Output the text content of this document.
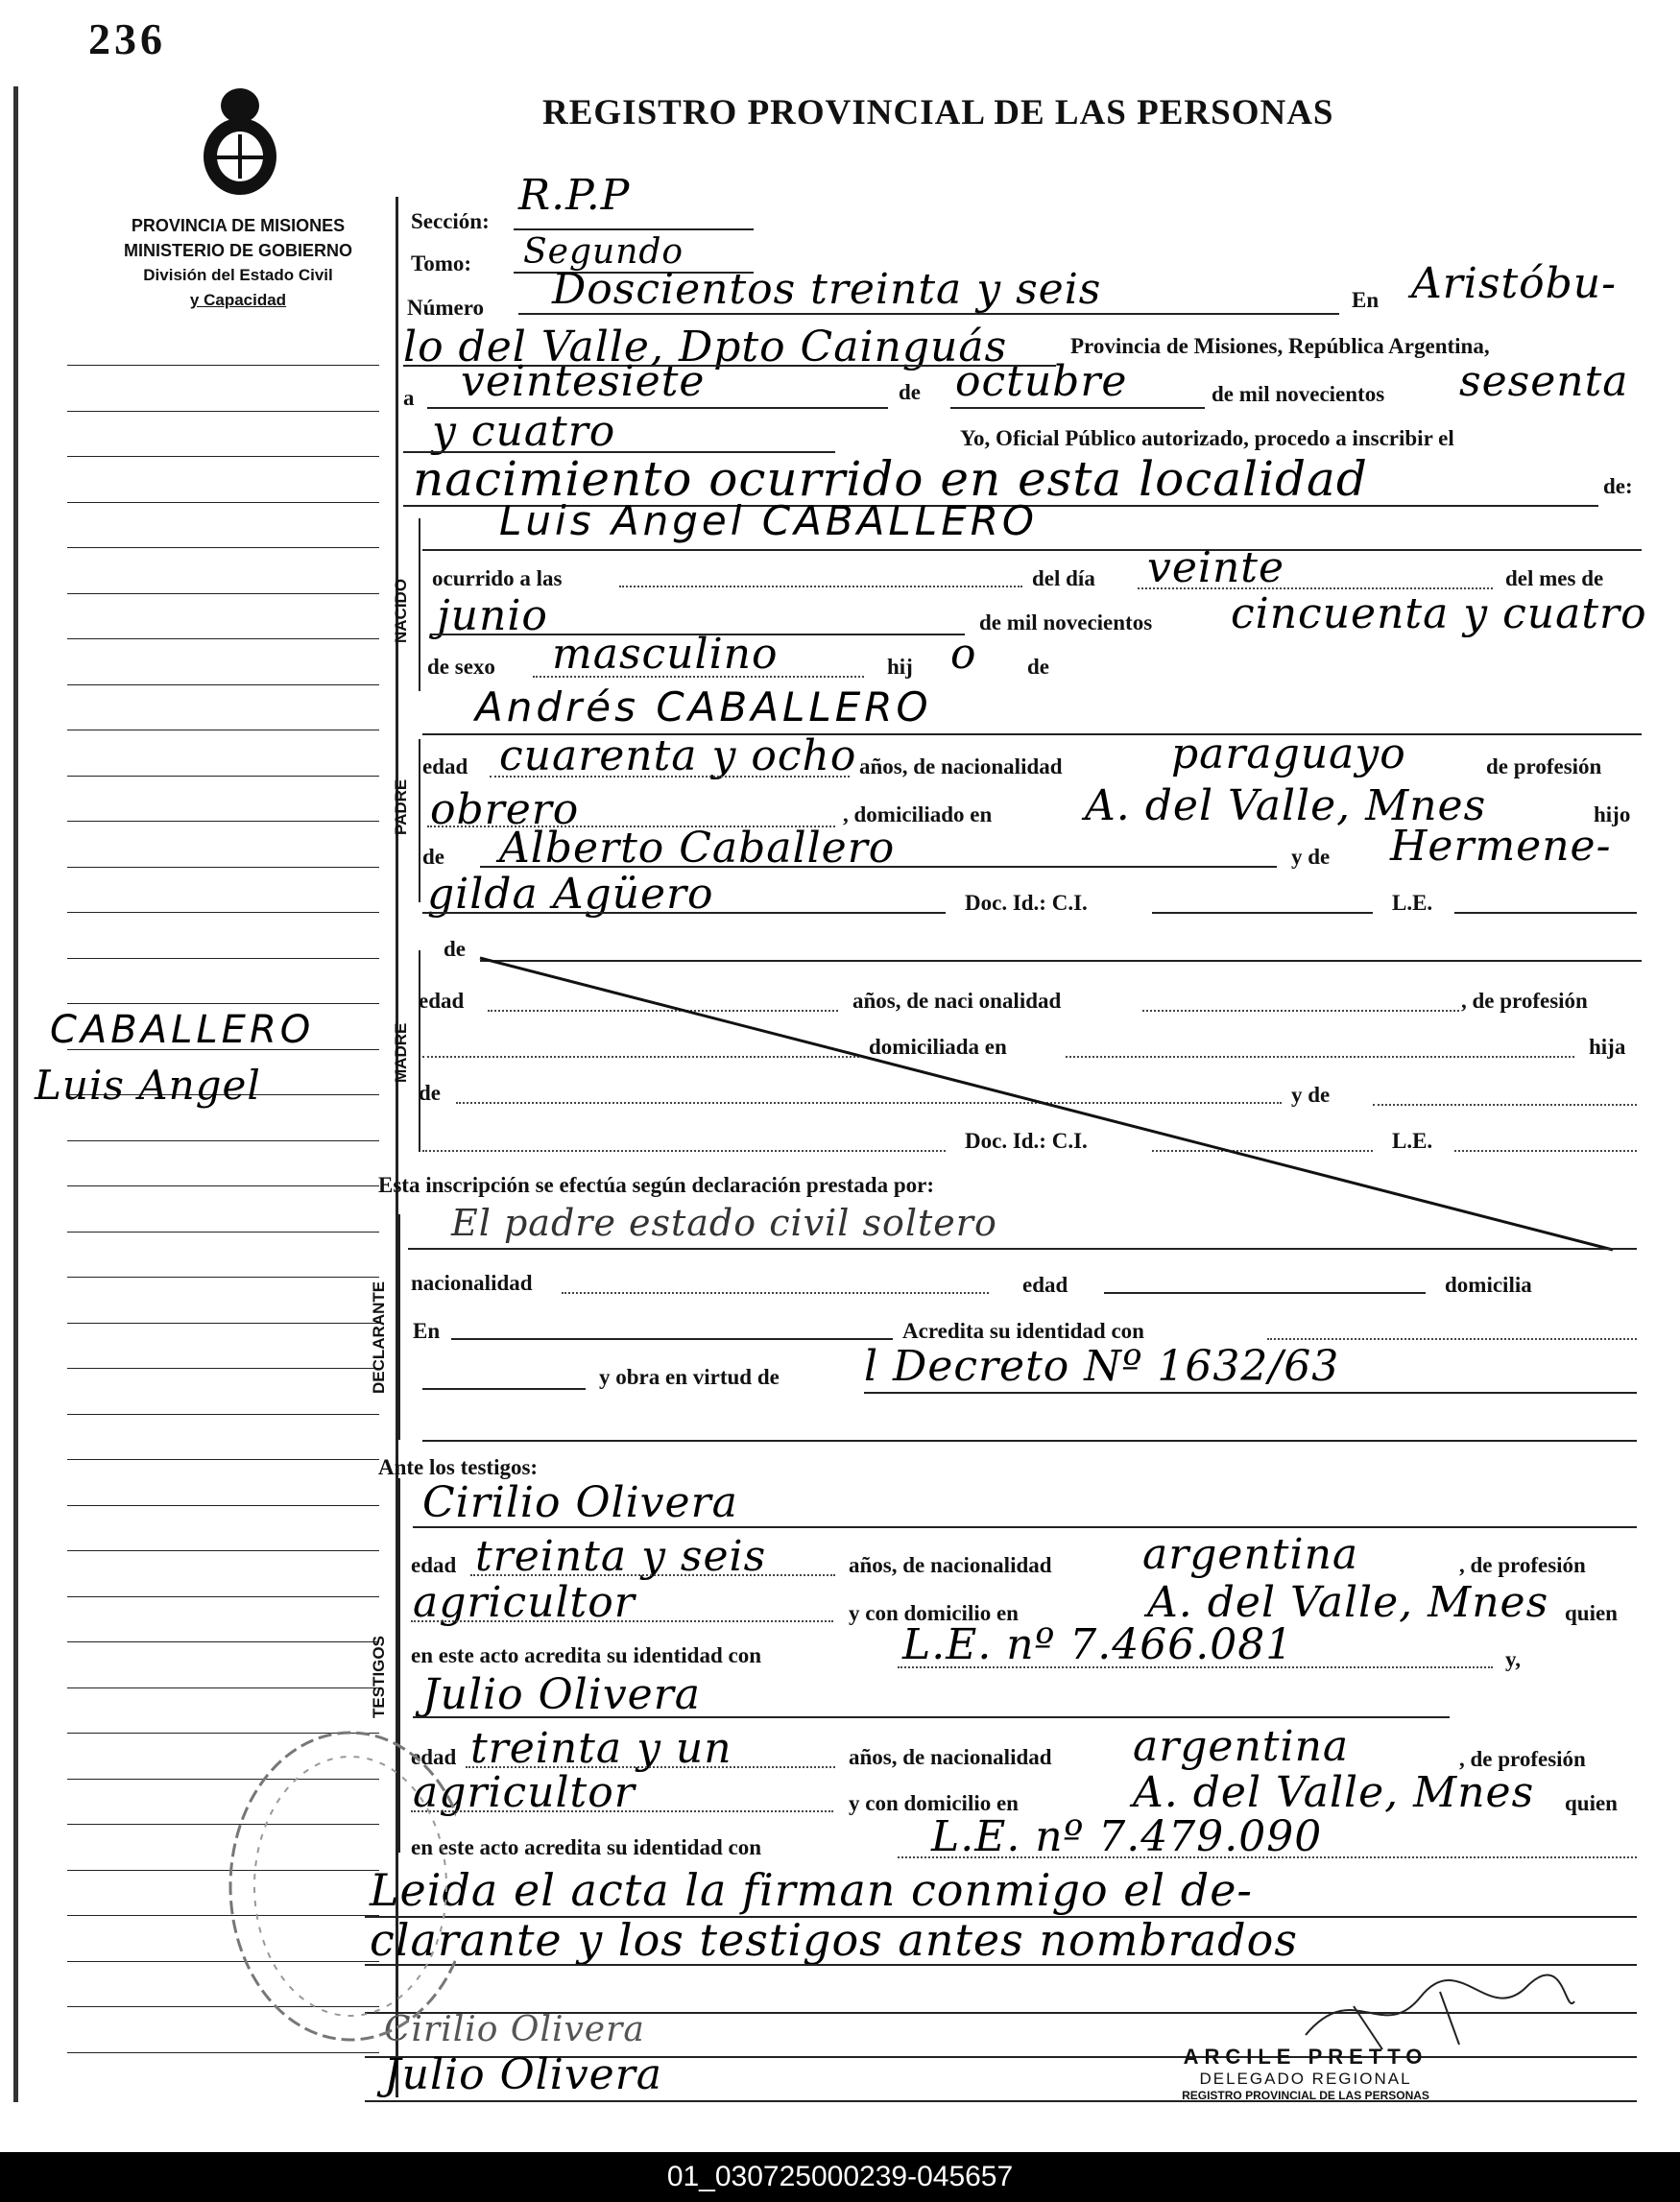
236
PROVINCIA DE MISIONES
MINISTERIO DE GOBIERNO
División del Estado Civil
y Capacidad
REGISTRO PROVINCIAL DE LAS PERSONAS
CABALLERO
Luis Angel
NACIDO
PADRE
MADRE
DECLARANTE
TESTIGOS
Sección:
R.P.P
Tomo: Segundo
Número Doscientos treinta y seis	En Aristóbu-
lo del Valle, Dpto Cainguás	Provincia de Misiones, República Argentina,
a veintesiete	de octubre	de mil novecientos sesenta
y cuatro	Yo, Oficial Público autorizado, procedo a inscribir el
nacimiento ocurrido en esta localidad	de:
Luis Angel CABALLERO
ocurrido a las	del día veinte	del mes de
junio	de mil novecientos cincuenta y cuatro
de sexo masculino	hij o de
Andrés CABALLERO
edad cuarenta y ocho años, de nacionalidad	paraguayo	de profesión
obrero	, domiciliado en A. del Valle, Mnes	hijo
de Alberto Caballero	y de Hermene-
gilda Agüero	Doc. Id.: C.I.	L.E.
de
edad	años, de naci onalidad	, de profesión
domiciliada en	hija
de	y de
Doc. Id.: C.I.	L.E.
Esta inscripción se efectúa según declaración prestada por:
El padre estado civil soltero
nacionalidad	edad	domicilia
En	Acredita su identidad con
y obra en virtud de l Decreto Nº 1632/63
Ante los testigos:
Cirilio Olivera
edad treinta y seis	años, de nacionalidad argentina	, de profesión
agricultor	y con domicilio en	A. del Valle, Mnes quien
en este acto acredita su identidad con	L.E. nº 7.466.081	y,
Julio Olivera
edad treinta y un	años, de nacionalidad argentina	, de profesión
agricultor	y con domicilio en	A. del Valle, Mnes quien
en este acto acredita su identidad con	L.E. nº 7.479.090
Leida el acta la firman conmigo el de-
clarante y los testigos antes nombrados
Cirilio Olivera
Julio Olivera	ARCILE PRETTO
DELEGADO REGIONAL
REGISTRO PROVINCIAL DE LAS PERSONAS
01_030725000239-045657
